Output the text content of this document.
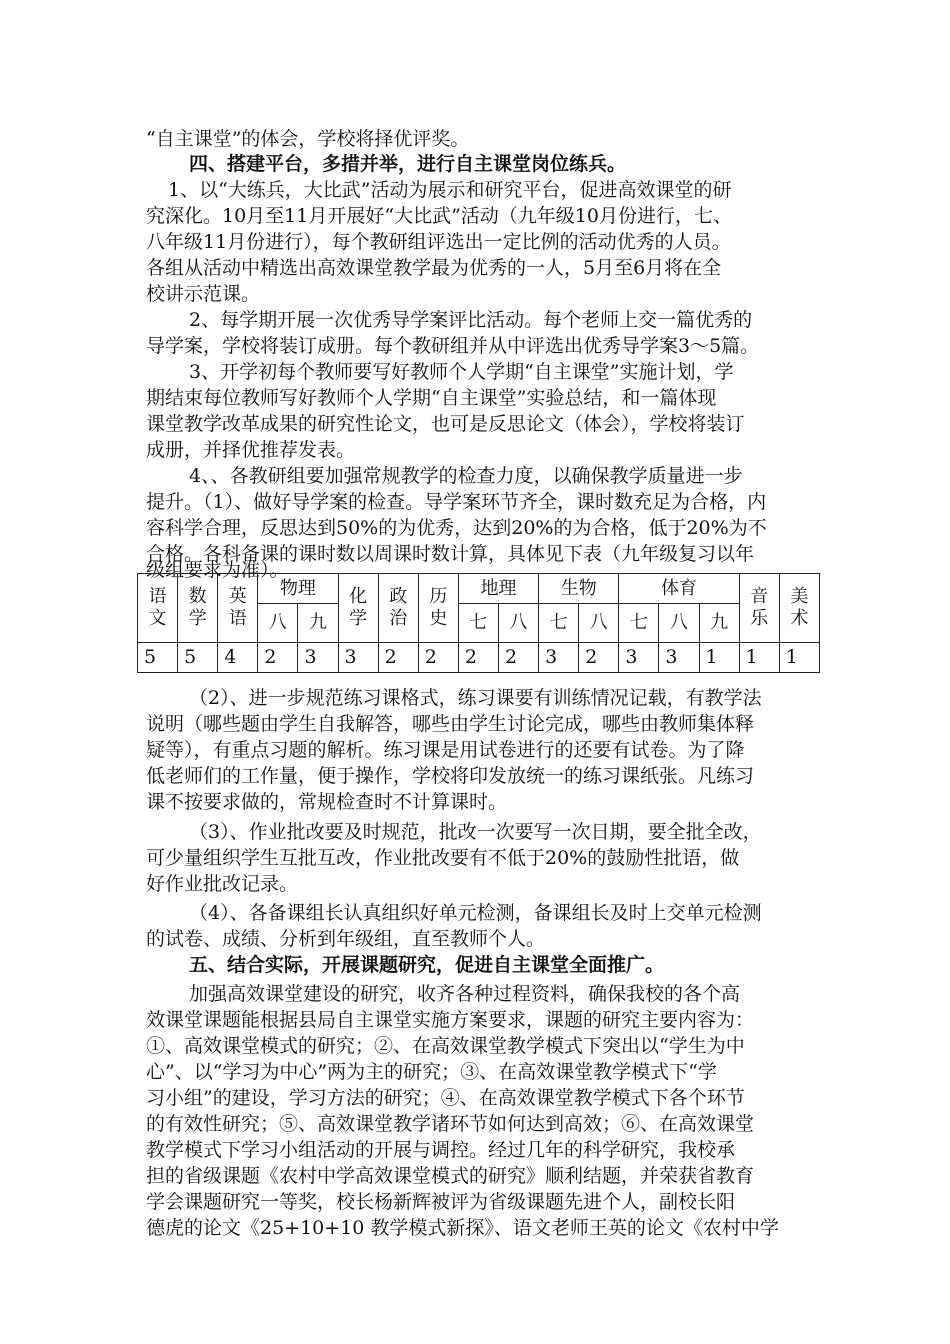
“自主课堂”的体会，学校将择优评奖。
四、搭建平台，多措并举，进行自主课堂岗位练兵。
1、以“大练兵，大比武”活动为展示和研究平台，促进高效课堂的研
究深化。10月至11月开展好“大比武”活动（九年级10月份进行，七、
八年级11月份进行），每个教研组评选出一定比例的活动优秀的人员。
各组从活动中精选出高效课堂教学最为优秀的一人，5月至6月将在全
校讲示范课。
2、每学期开展一次优秀导学案评比活动。每个老师上交一篇优秀的
导学案，学校将装订成册。每个教研组并从中评选出优秀导学案3～5篇。
3、开学初每个教师要写好教师个人学期“自主课堂”实施计划，学
期结束每位教师写好教师个人学期“自主课堂”实验总结，和一篇体现
课堂教学改革成果的研究性论文，也可是反思论文（体会），学校将装订
成册，并择优推荐发表。
4、、各教研组要加强常规教学的检查力度，以确保教学质量进一步
提升。（1）、做好导学案的检查。导学案环节齐全，课时数充足为合格，内
容科学合理，反思达到50%的为优秀，达到20%的为合格，低于20%为不
合格。各科备课的课时数以周课时数计算，具体见下表（九年级复习以年
级组要求为准）。
（2）、进一步规范练习课格式，练习课要有训练情况记载，有教学法
说明（哪些题由学生自我解答，哪些由学生讨论完成，哪些由教师集体释
疑等），有重点习题的解析。练习课是用试卷进行的还要有试卷。为了降
低老师们的工作量，便于操作，学校将印发放统一的练习课纸张。凡练习
课不按要求做的，常规检查时不计算课时。
（3）、作业批改要及时规范，批改一次要写一次日期，要全批全改，
可少量组织学生互批互改，作业批改要有不低于20%的鼓励性批语，做
好作业批改记录。
（4）、各备课组长认真组织好单元检测，备课组长及时上交单元检测
的试卷、成绩、分析到年级组，直至教师个人。
五、结合实际，开展课题研究，促进自主课堂全面推广。
加强高效课堂建设的研究，收齐各种过程资料，确保我校的各个高
效课堂课题能根据县局自主课堂实施方案要求，课题的研究主要内容为：
①、高效课堂模式的研究；②、在高效课堂教学模式下突出以“学生为中
心”、以“学习为中心”两为主的研究；③、在高效课堂教学模式下“学
习小组”的建设，学习方法的研究；④、在高效课堂教学模式下各个环节
的有效性研究；⑤、高效课堂教学诸环节如何达到高效；⑥、在高效课堂
教学模式下学习小组活动的开展与调控。经过几年的科学研究，我校承
担的省级课题《农村中学高效课堂模式的研究》顺利结题，并荣获省教育
学会课题研究一等奖，校长杨新辉被评为省级课题先进个人，副校长阳
德虎的论文《25+10+10 教学模式新探》、语文老师王英的论文《农村中学
语文	数学	英语	物理		化学	政治	历史	地理		生物		体育			音乐	美术
			八	九				七	八	七	八	七	八	九		
5	5	4	2	3	3	2	2	2	2	3	2	3	3	1	1	1
